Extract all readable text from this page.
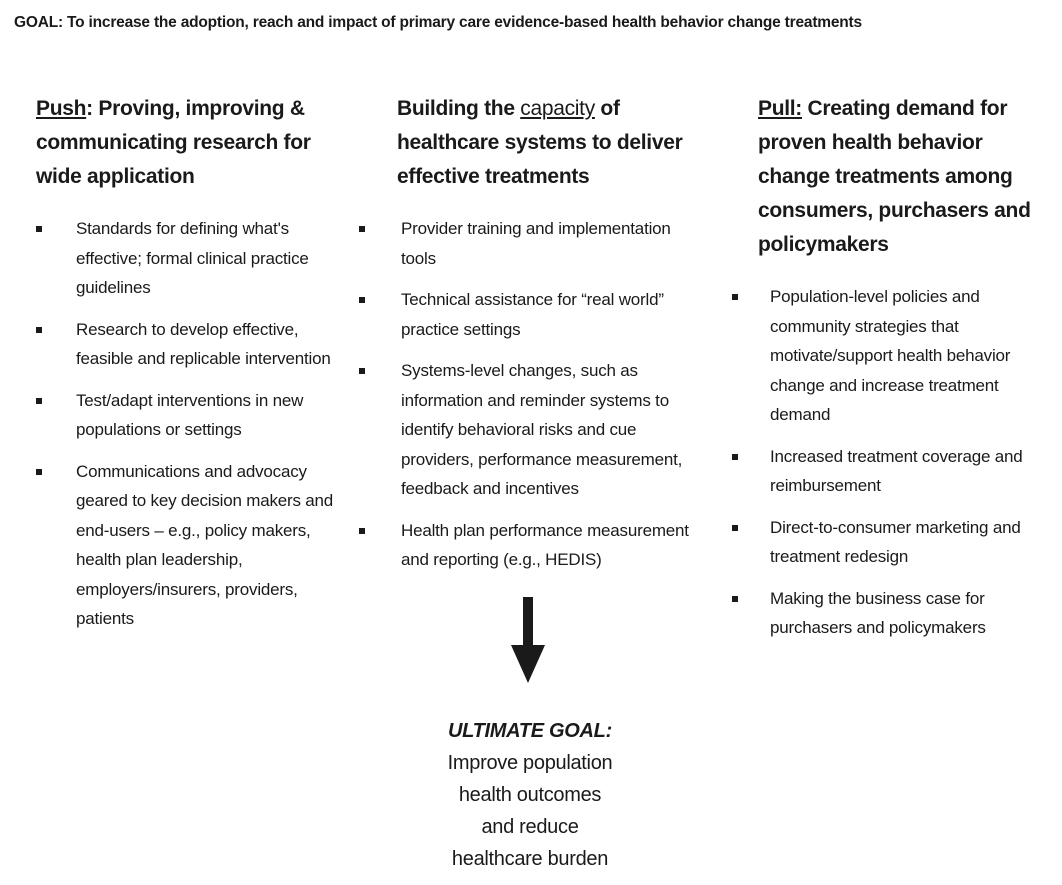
GOAL: To increase the adoption, reach and impact of primary care evidence-based health behavior change treatments
Push: Proving, improving & communicating research for wide application
Standards for defining what's effective; formal clinical practice guidelines
Research to develop effective, feasible and replicable intervention
Test/adapt interventions in new populations or settings
Communications and advocacy geared to key decision makers and end-users – e.g., policy makers, health plan leadership, employers/insurers, providers, patients
Building the capacity of healthcare systems to deliver effective treatments
Provider training and implementation tools
Technical assistance for “real world” practice settings
Systems-level changes, such as information and reminder systems to identify behavioral risks and cue providers, performance measurement, feedback and incentives
Health plan performance measurement and reporting (e.g., HEDIS)
Pull: Creating demand for proven health behavior change treatments among consumers, purchasers and policymakers
Population-level policies and community strategies that motivate/support health behavior change and increase treatment demand
Increased treatment coverage and reimbursement
Direct-to-consumer marketing and treatment redesign
Making the business case for purchasers and policymakers
ULTIMATE GOAL:
Improve population
health outcomes
and reduce
healthcare burden
